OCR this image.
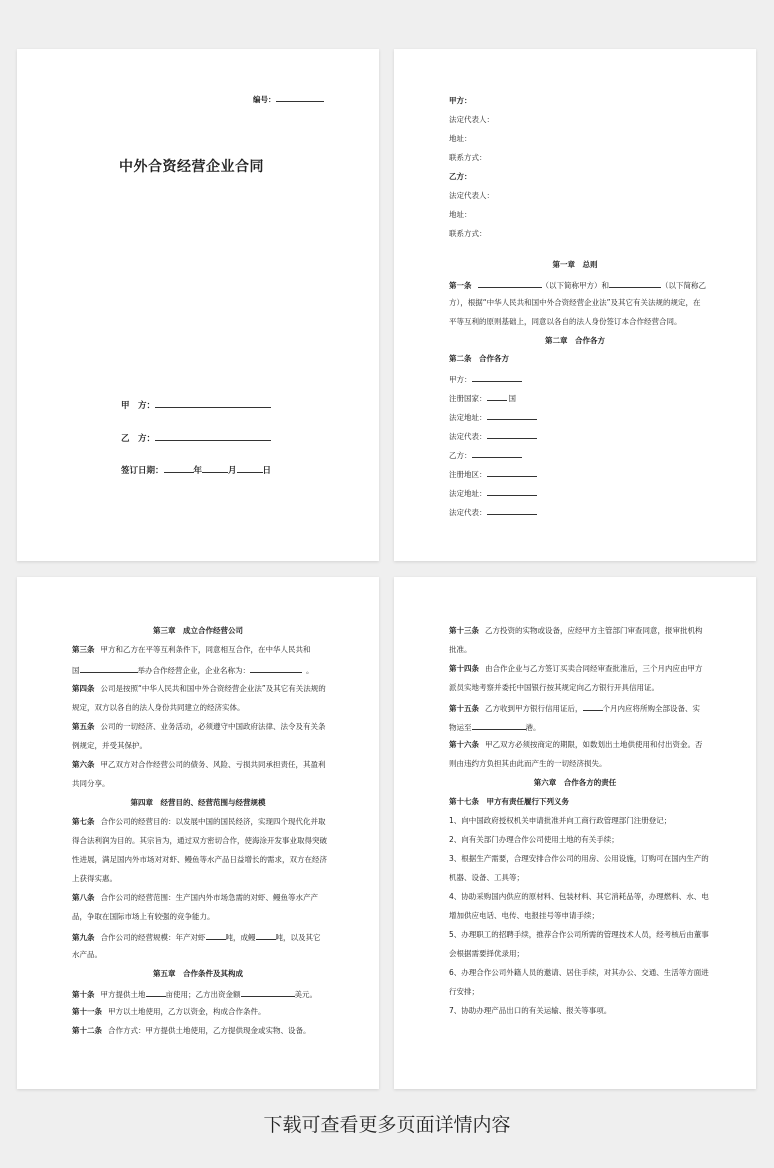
编号：
中外合资经营企业合同
甲　方：
乙　方：
签订日期：	年	月	日
甲方：
法定代表人：
地址：
联系方式：
乙方：
法定代表人：
地址：
联系方式：
第一章　总则
第一条	（以下简称甲方）和	（以下简称乙
方），根据“中华人民共和国中外合资经营企业法”及其它有关法规的规定，在
平等互利的原则基础上，同意以各自的法人身份签订本合作经营合同。
第二章　合作各方
第二条　合作各方
甲方：
注册国家：	国
法定地址：
法定代表：
乙方：
注册地区：
法定地址：
法定代表：
第三章　成立合作经营公司
第三条 甲方和乙方在平等互利条件下，同意相互合作，在中华人民共和
国	举办合作经营企业，企业名称为：	。
第四条 公司是按照“中华人民共和国中外合资经营企业法”及其它有关法规的
规定，双方以各自的法人身份共同建立的经济实体。
第五条 公司的一切经济、业务活动，必须遵守中国政府法律、法令及有关条
例规定，并受其保护。
第六条 甲乙双方对合作经营公司的债务、风险、亏损共同承担责任，其盈利
共同分享。
第四章　经营目的、经营范围与经营规模
第七条 合作公司的经营目的：以发展中国的国民经济，实现四个现代化并取
得合法利润为目的。其宗旨为，通过双方密切合作，使海涂开发事业取得突破
性进展，满足国内外市场对对虾、鳗鱼等水产品日益增长的需求，双方在经济
上获得实惠。
第八条 合作公司的经营范围：生产国内外市场急需的对虾、鳗鱼等水产产
品，争取在国际市场上有较强的竞争能力。
第九条 合作公司的经营规模：年产对虾	吨，成鳗	吨，以及其它
水产品。
第五章　合作条件及其构成
第十条 甲方提供土地	亩使用；乙方出资金额	美元。
第十一条 甲方以土地使用，乙方以资金，构成合作条件。
第十二条 合作方式：甲方提供土地使用，乙方提供现金或实物、设备。
第十三条 乙方投资的实物或设备，应经甲方主管部门审查同意，报审批机构
批准。
第十四条 由合作企业与乙方签订买卖合同经审查批准后，三个月内应由甲方
派员实地考察并委托中国银行按其规定向乙方银行开具信用证。
第十五条 乙方收到甲方银行信用证后，	个月内应将所购全部设备、实
物运至	港。
第十六条 甲乙双方必须按商定的期限，如数划出土地供使用和付出资金。否
则由违约方负担其由此而产生的一切经济损失。
第六章　合作各方的责任
第十七条　甲方有责任履行下列义务
1、向中国政府授权机关申请批准并向工商行政管理部门注册登记；
2、向有关部门办理合作公司使用土地的有关手续；
3、根据生产需要，合理安排合作公司的用房、公用设施，订购可在国内生产的
机器、设备、工具等；
4、协助采购国内供应的原材料、包装材料、其它消耗品等，办理燃料、水、电
增加供应电话、电传、电报挂号等申请手续；
5、办理职工的招聘手续，推荐合作公司所需的管理技术人员，经考核后由董事
会根据需要择优录用；
6、办理合作公司外籍人员的邀请、居住手续，对其办公、交通、生活等方面进
行安排；
7、协助办理产品出口的有关运输、报关等事项。
下载可查看更多页面详情内容
